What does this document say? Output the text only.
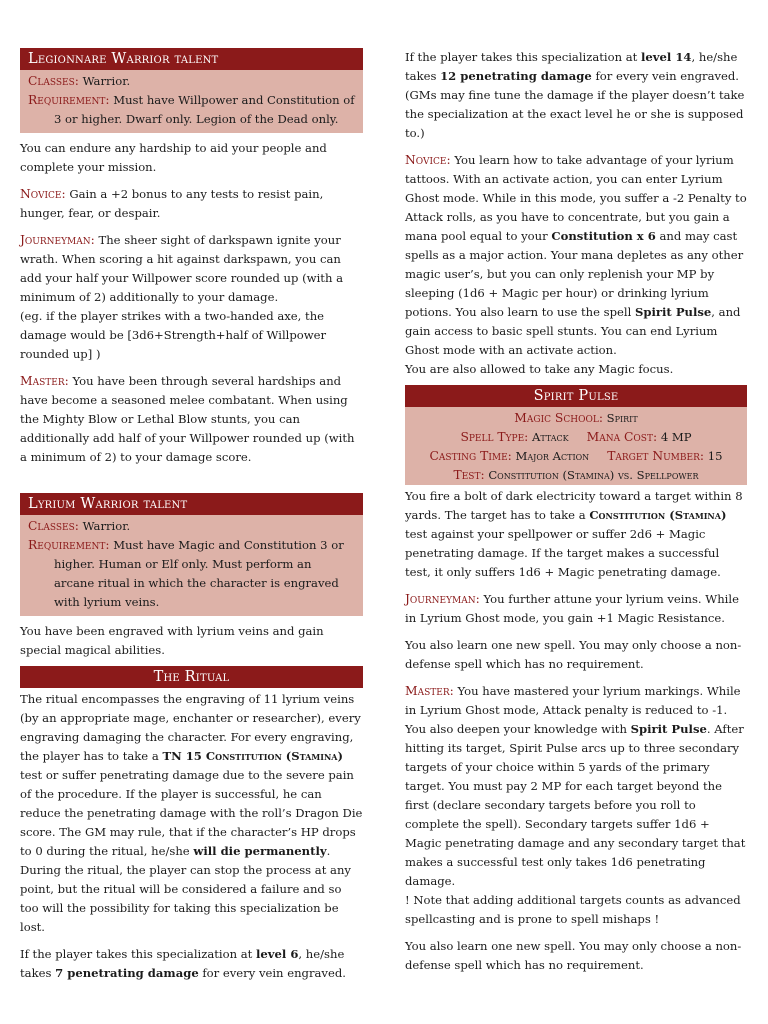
Legionnare Warrior talent

Classes: Warrior.

Requirement: Must have Willpower and Constitution of

3 or higher. Dwarf only. Legion of the Dead only.

You can endure any hardship to aid your people and complete your mission.

Novice: Gain a +2 bonus to any tests to resist pain, hunger, fear, or despair.

Journeyman: The sheer sight of darkspawn ignite your wrath. When scoring a hit against darkspawn, you can add your half your Willpower score rounded up (with a minimum of 2) additionally to your damage.

(eg. if the player strikes with a two-handed axe, the damage would be [3d6+Strength+half of Willpower rounded up] )

Master: You have been through several hardships and have become a seasoned melee combatant. When using the Mighty Blow or Lethal Blow stunts, you can additionally add half of your Willpower rounded up (with a minimum of 2) to your damage score.

Lyrium Warrior talent

Classes: Warrior.

Requirement: Must have Magic and Constitution 3 or higher. Human or Elf only. Must perform an arcane ritual in which the character is engraved with lyrium veins.

You have been engraved with lyrium veins and gain special magical abilities.

The Ritual

The ritual encompasses the engraving of 11 lyrium veins (by an appropriate mage, enchanter or researcher), every engraving damaging the character. For every engraving, the player has to take a TN 15 Constitution (Stamina) test or suffer penetrating damage due to the severe pain of the procedure. If the player is successful, he can reduce the penetrating damage with the roll’s Dragon Die score. The GM may rule, that if the character’s HP drops to 0 during the ritual, he/she will die permanently. During the ritual, the player can stop the process at any point, but the ritual will be considered a failure and so too will the possibility for taking this specialization be lost.

If the player takes this specialization at level 6, he/she takes 7 penetrating damage for every vein engraved.

If the player takes this specialization at level 14, he/she takes 12 penetrating damage for every vein engraved. (GMs may fine tune the damage if the player doesn’t take the specialization at the exact level he or she is supposed to.)

Novice: You learn how to take advantage of your lyrium tattoos. With an activate action, you can enter Lyrium Ghost mode. While in this mode, you suffer a -2 Penalty to Attack rolls, as you have to concentrate, but you gain a mana pool equal to your Constitution x 6 and may cast spells as a major action. Your mana depletes as any other magic user’s, but you can only replenish your MP by sleeping (1d6 + Magic per hour) or drinking lyrium potions. You also learn to use the spell Spirit Pulse, and gain access to basic spell stunts. You can end Lyrium Ghost mode with an activate action.

You are also allowed to take any Magic focus.

Spirit Pulse

Magic School: Spirit

Spell Type: Attack Mana Cost: 4 MP

Casting Time: Major Action Target Number: 15

Test: Constitution (Stamina) vs. Spellpower

You fire a bolt of dark electricity toward a target within 8 yards. The target has to take a Constitution (Stamina) test against your spellpower or suffer 2d6 + Magic penetrating damage. If the target makes a successful test, it only suffers 1d6 + Magic penetrating damage.

Journeyman: You further attune your lyrium veins. While in Lyrium Ghost mode, you gain +1 Magic Resistance.

You also learn one new spell. You may only choose a non-defense spell which has no requirement.

Master: You have mastered your lyrium markings. While in Lyrium Ghost mode, Attack penalty is reduced to -1. You also deepen your knowledge with Spirit Pulse. After hitting its target, Spirit Pulse arcs up to three secondary targets of your choice within 5 yards of the primary target. You must pay 2 MP for each target beyond the first (declare secondary targets before you roll to complete the spell). Secondary targets suffer 1d6 + Magic penetrating damage and any secondary target that makes a successful test only takes 1d6 penetrating damage.

! Note that adding additional targets counts as advanced spellcasting and is prone to spell mishaps !

You also learn one new spell. You may only choose a non-defense spell which has no requirement.
